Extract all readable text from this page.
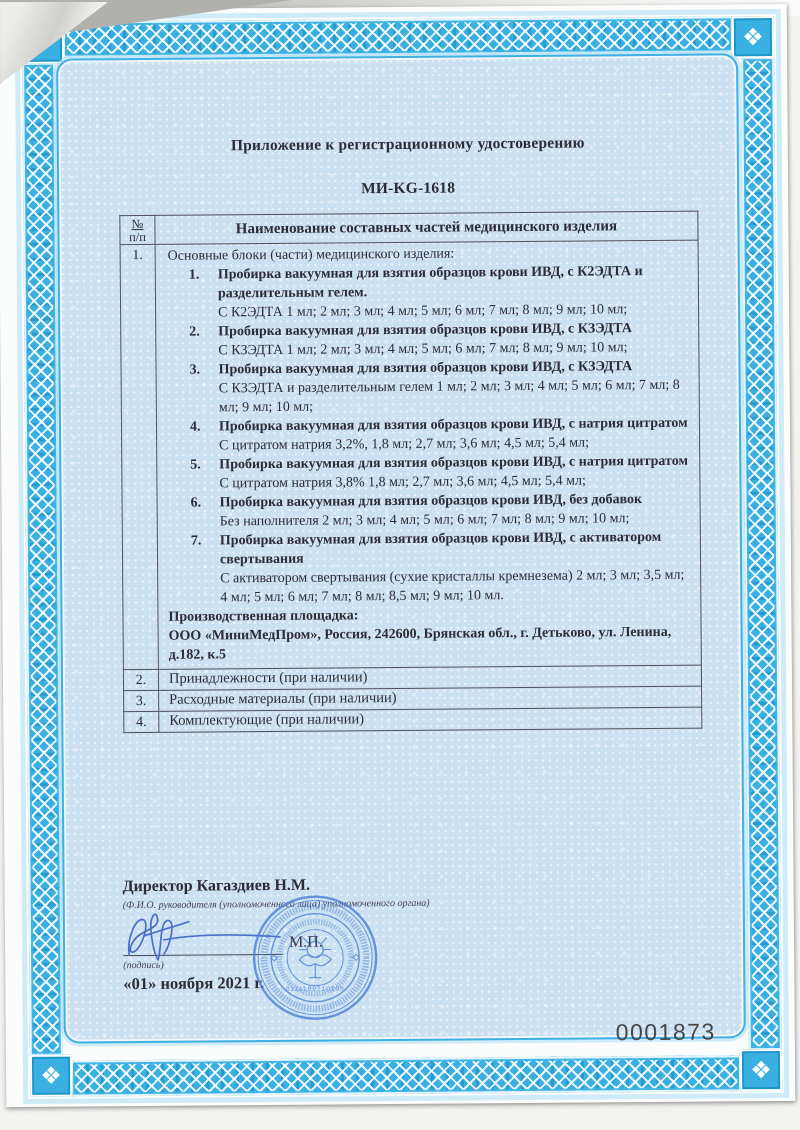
❖
❖
❖
❖
Приложение к регистрационному удостоверению
МИ-KG-1618
№
п/п	Наименование составных частей медицинского изделия
1.	Основные блоки (части) медицинского изделия:
1.	Пробирка вакуумная для взятия образцов крови ИВД, с К2ЭДТА и разделительным гелем.
С К2ЭДТА 1 мл; 2 мл; 3 мл; 4 мл; 5 мл; 6 мл; 7 мл; 8 мл; 9 мл; 10 мл;
2.	Пробирка вакуумная для взятия образцов крови ИВД, с КЗЭДТА
С КЗЭДТА 1 мл; 2 мл; 3 мл; 4 мл; 5 мл; 6 мл; 7 мл; 8 мл; 9 мл; 10 мл;
3.	Пробирка вакуумная для взятия образцов крови ИВД, с КЗЭДТА
С КЗЭДТА и разделительным гелем 1 мл; 2 мл; 3 мл; 4 мл; 5 мл; 6 мл; 7 мл; 8 мл; 9 мл; 10 мл;
4.	Пробирка вакуумная для взятия образцов крови ИВД, с натрия цитратом
С цитратом натрия 3,2%, 1,8 мл; 2,7 мл; 3,6 мл; 4,5 мл; 5,4 мл;
5.	Пробирка вакуумная для взятия образцов крови ИВД, с натрия цитратом
С цитратом натрия 3,8% 1,8 мл; 2,7 мл; 3,6 мл; 4,5 мл; 5,4 мл;
6.	Пробирка вакуумная для взятия образцов крови ИВД, без добавок
Без наполнителя 2 мл; 3 мл; 4 мл; 5 мл; 6 мл; 7 мл; 8 мл; 9 мл; 10 мл;
7.	Пробирка вакуумная для взятия образцов крови ИВД, с активатором свертывания
С активатором свертывания (сухие кристаллы кремнезема) 2 мл; 3 мл; 3,5 мл; 4 мл; 5 мл; 6 мл; 7 мл; 8 мл; 8,5 мл; 9 мл; 10 мл.
Производственная площадка:
ООО «МиниМедПром», Россия, 242600, Брянская обл., г. Детьково, ул. Ленина, д.182, к.5

2.	Принадлежности (при наличии)
3.	Расходные материалы (при наличии)
4.	Комплектующие (при наличии)
Директор Кагаздиев Н.М.
(Ф.И.О. руководителя (уполномоченного лица) уполномоченного органа)
М.П.
(подпись)
«01» ноября 2021 г.	0111199710105
0001873
